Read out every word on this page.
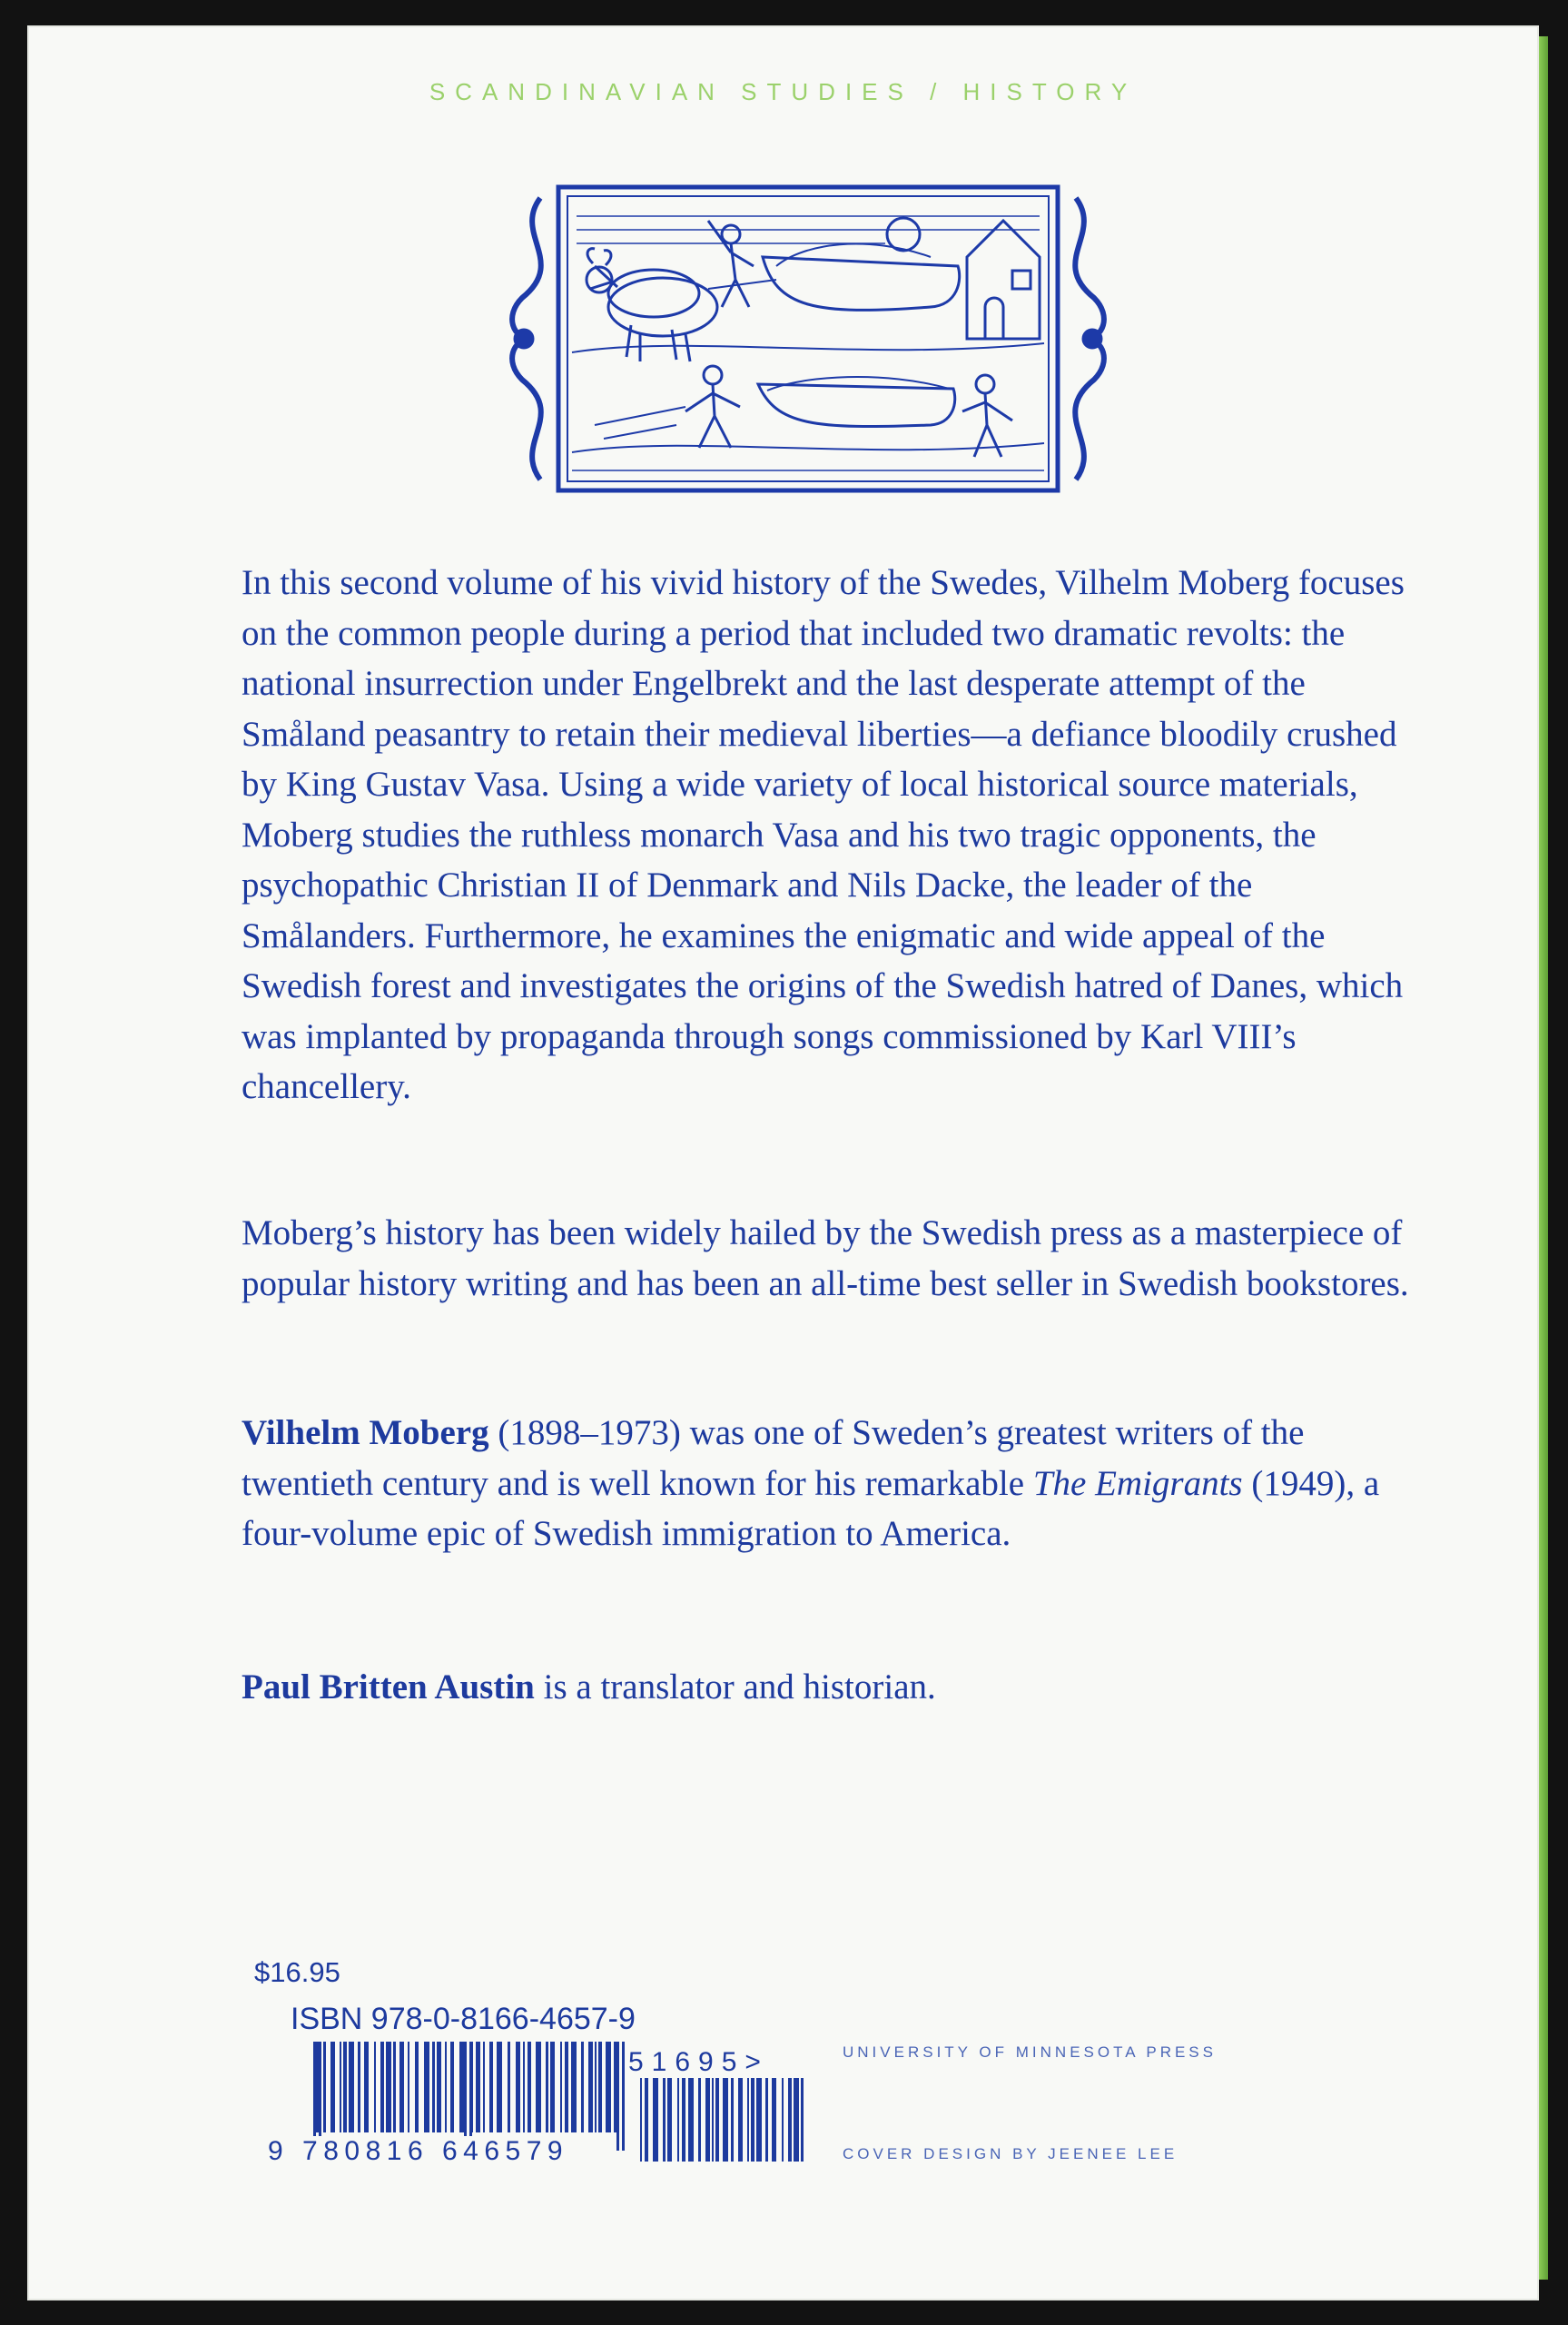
SCANDINAVIAN STUDIES / HISTORY

In this second volume of his vivid history of the Swedes, Vilhelm Moberg focuses on the common people during a period that included two dramatic revolts: the national insurrection under Engelbrekt and the last desperate attempt of the Småland peasantry to retain their medieval liberties—a defiance bloodily crushed by King Gustav Vasa. Using a wide variety of local historical source materials, Moberg studies the ruthless monarch Vasa and his two tragic opponents, the psychopathic Christian II of Denmark and Nils Dacke, the leader of the Smålanders. Furthermore, he examines the enigmatic and wide appeal of the Swedish forest and investigates the origins of the Swedish hatred of Danes, which was implanted by propaganda through songs commissioned by Karl VIII’s chancellery.

Moberg’s history has been widely hailed by the Swedish press as a masterpiece of popular history writing and has been an all-time best seller in Swedish bookstores.

Vilhelm Moberg (1898–1973) was one of Sweden’s greatest writers of the twentieth century and is well known for his remarkable The Emigrants (1949), a four-volume epic of Swedish immigration to America.

Paul Britten Austin is a translator and historian.

$16.95
ISBN 978-0-8166-4657-9
9 780816 646579
51695>	UNIVERSITY OF MINNESOTA PRESS
COVER DESIGN BY JEENEE LEE
